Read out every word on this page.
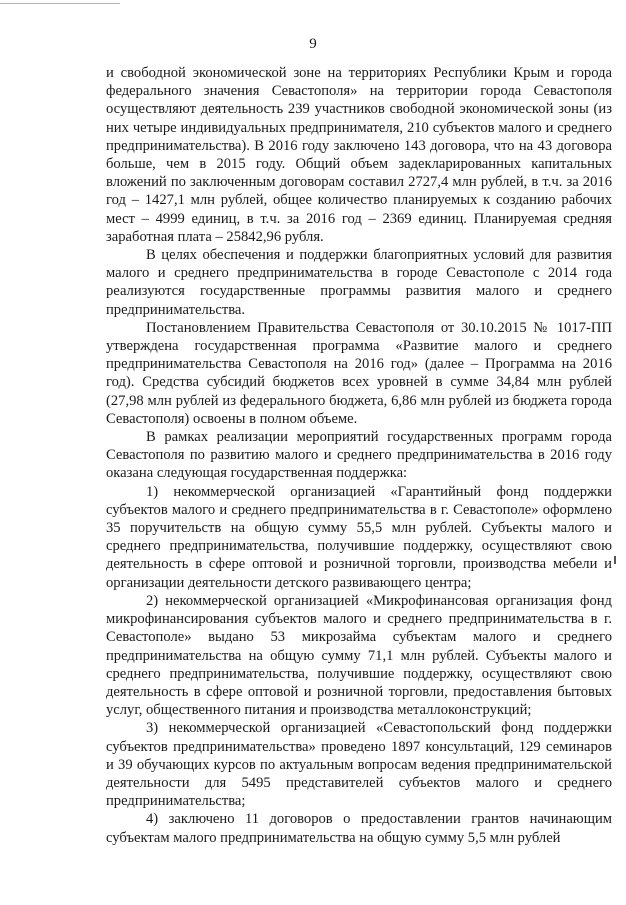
9

и свободной экономической зоне на территориях Республики Крым и города федерального значения Севастополя» на территории города Севастополя осуществляют деятельность 239 участников свободной экономической зоны (из них четыре индивидуальных предпринимателя, 210 субъектов малого и среднего предпринимательства). В 2016 году заключено 143 договора, что на 43 договора больше, чем в 2015 году. Общий объем задекларированных капитальных вложений по заключенным договорам составил 2727,4 млн рублей, в т.ч. за 2016 год – 1427,1 млн рублей, общее количество планируемых к созданию рабочих мест – 4999 единиц, в т.ч. за 2016 год – 2369 единиц. Планируемая средняя заработная плата – 25842,96 рубля.

В целях обеспечения и поддержки благоприятных условий для развития малого и среднего предпринимательства в городе Севастополе с 2014 года реализуются государственные программы развития малого и среднего предпринимательства.

Постановлением Правительства Севастополя от 30.10.2015 № 1017-ПП утверждена государственная программа «Развитие малого и среднего предпринимательства Севастополя на 2016 год» (далее – Программа на 2016 год). Средства субсидий бюджетов всех уровней в сумме 34,84 млн рублей (27,98 млн рублей из федерального бюджета, 6,86 млн рублей из бюджета города Севастополя) освоены в полном объеме.

В рамках реализации мероприятий государственных программ города Севастополя по развитию малого и среднего предпринимательства в 2016 году оказана следующая государственная поддержка:

1) некоммерческой организацией «Гарантийный фонд поддержки субъектов малого и среднего предпринимательства в г. Севастополе» оформлено 35 поручительств на общую сумму 55,5 млн рублей. Субъекты малого и среднего предпринимательства, получившие поддержку, осуществляют свою деятельность в сфере оптовой и розничной торговли, производства мебели и организации деятельности детского развивающего центра;

2) некоммерческой организацией «Микрофинансовая организация фонд микрофинансирования субъектов малого и среднего предпринимательства в г. Севастополе» выдано 53 микрозайма субъектам малого и среднего предпринимательства на общую сумму 71,1 млн рублей. Субъекты малого и среднего предпринимательства, получившие поддержку, осуществляют свою деятельность в сфере оптовой и розничной торговли, предоставления бытовых услуг, общественного питания и производства металлоконструкций;

3) некоммерческой организацией «Севастопольский фонд поддержки субъектов предпринимательства» проведено 1897 консультаций, 129 семинаров и 39 обучающих курсов по актуальным вопросам ведения предпринимательской деятельности для 5495 представителей субъектов малого и среднего предпринимательства;

4) заключено 11 договоров о предоставлении грантов начинающим субъектам малого предпринимательства на общую сумму 5,5 млн рублей
